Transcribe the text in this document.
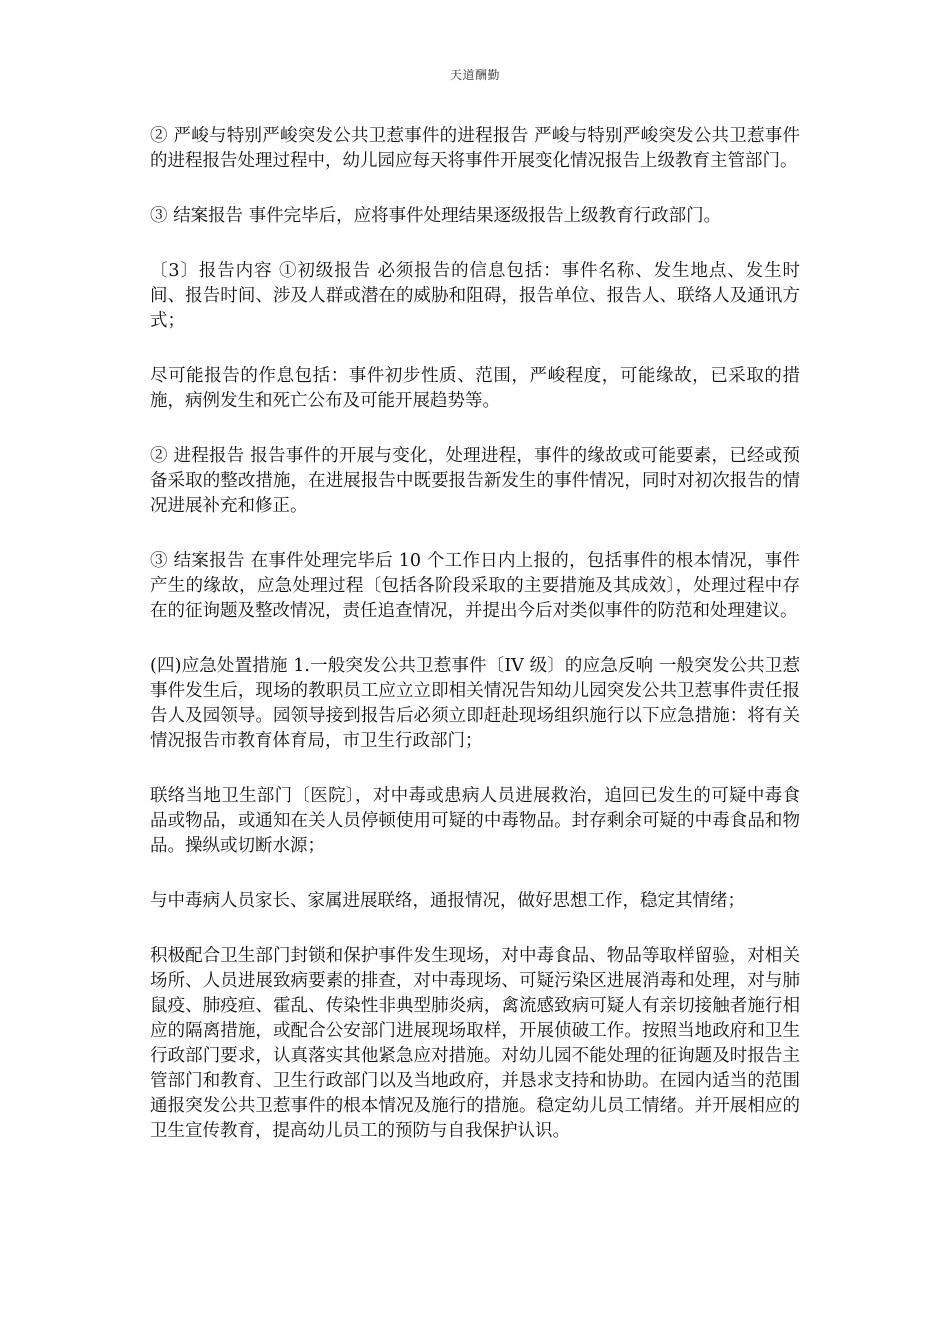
天道酬勤

② 严峻与特别严峻突发公共卫惹事件的进程报告 严峻与特别严峻突发公共卫惹事件的进程报告处理过程中，幼儿园应每天将事件开展变化情况报告上级教育主管部门。

③ 结案报告 事件完毕后，应将事件处理结果逐级报告上级教育行政部门。

〔3〕报告内容 ①初级报告 必须报告的信息包括：事件名称、发生地点、发生时间、报告时间、涉及人群或潜在的威胁和阻碍，报告单位、报告人、联络人及通讯方式；

尽可能报告的作息包括：事件初步性质、范围，严峻程度，可能缘故，已采取的措施，病例发生和死亡公布及可能开展趋势等。

② 进程报告 报告事件的开展与变化，处理进程，事件的缘故或可能要素，已经或预备采取的整改措施，在进展报告中既要报告新发生的事件情况，同时对初次报告的情况进展补充和修正。

③ 结案报告 在事件处理完毕后 10 个工作日内上报的，包括事件的根本情况，事件产生的缘故，应急处理过程〔包括各阶段采取的主要措施及其成效〕，处理过程中存在的征询题及整改情况，责任追查情况，并提出今后对类似事件的防范和处理建议。

(四)应急处置措施 1.一般突发公共卫惹事件〔IV 级〕的应急反响 一般突发公共卫惹事件发生后，现场的教职员工应立立即相关情况告知幼儿园突发公共卫惹事件责任报告人及园领导。园领导接到报告后必须立即赶赴现场组织施行以下应急措施：将有关情况报告市教育体育局，市卫生行政部门；

联络当地卫生部门〔医院〕，对中毒或患病人员进展救治，追回已发生的可疑中毒食品或物品，或通知在关人员停顿使用可疑的中毒物品。封存剩余可疑的中毒食品和物品。操纵或切断水源；

与中毒病人员家长、家属进展联络，通报情况，做好思想工作，稳定其情绪；

积极配合卫生部门封锁和保护事件发生现场，对中毒食品、物品等取样留验，对相关场所、人员进展致病要素的排查，对中毒现场、可疑污染区进展消毒和处理，对与肺鼠疫、肺疫疸、霍乱、传染性非典型肺炎病，禽流感致病可疑人有亲切接触者施行相应的隔离措施，或配合公安部门进展现场取样，开展侦破工作。按照当地政府和卫生行政部门要求，认真落实其他紧急应对措施。对幼儿园不能处理的征询题及时报告主管部门和教育、卫生行政部门以及当地政府，并恳求支持和协助。在园内适当的范围通报突发公共卫惹事件的根本情况及施行的措施。稳定幼儿员工情绪。并开展相应的卫生宣传教育，提高幼儿员工的预防与自我保护认识。
